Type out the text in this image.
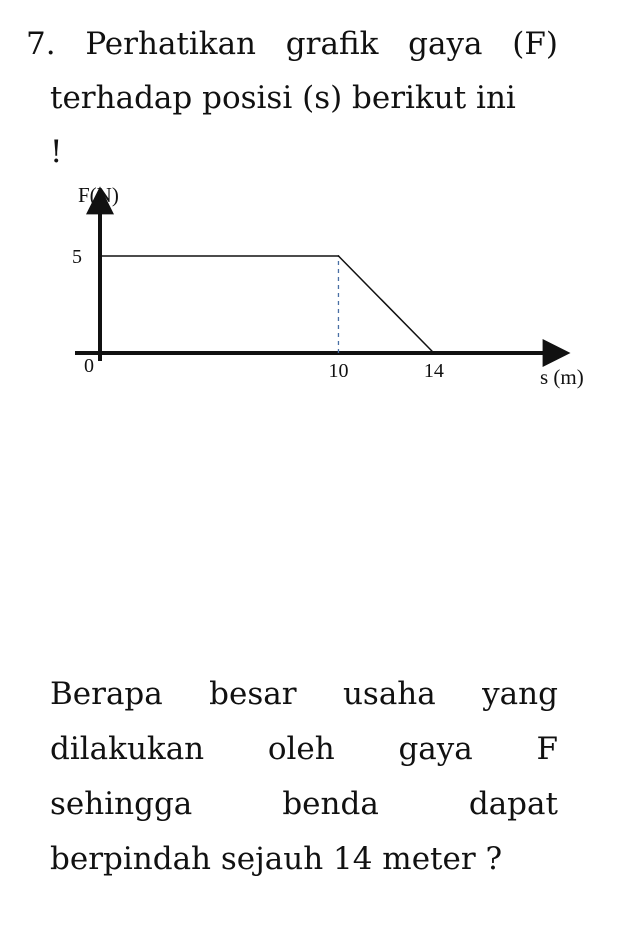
7. Perhatikan grafik gaya (F)
terhadap posisi (s) berikut ini
!
F(N)
s (m)
0	10	14
5
Berapa besar usaha yang
dilakukan oleh gaya F
sehingga	benda	dapat
berpindah sejauh 14 meter ?
